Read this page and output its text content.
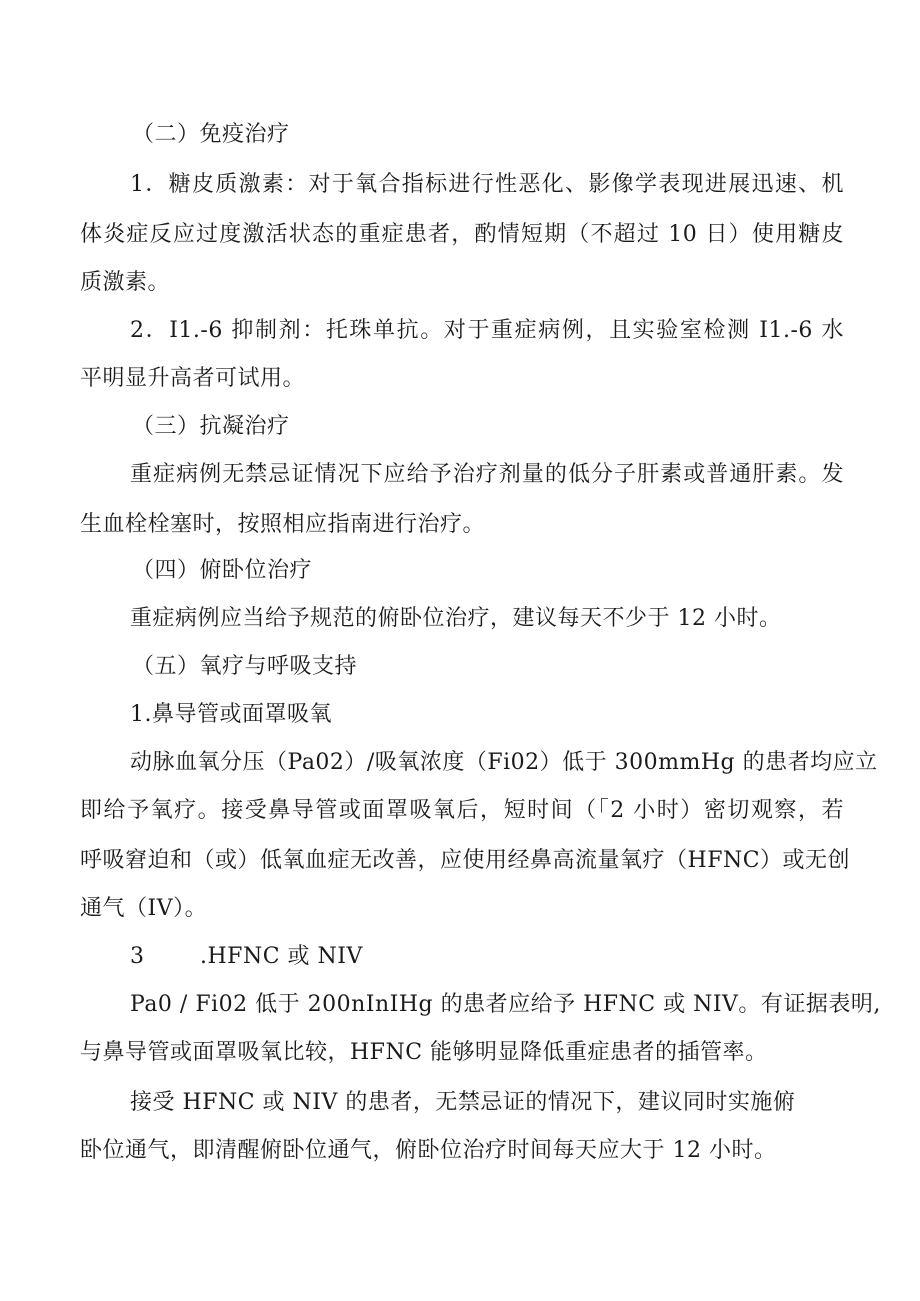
（二）免疫治疗
1．糖皮质激素：对于氧合指标进行性恶化、影像学表现进展迅速、机
体炎症反应过度激活状态的重症患者，酌情短期（不超过 10 日）使用糖皮
质激素。
2．I1.-6 抑制剂：托珠单抗。对于重症病例，且实验室检测 I1.-6 水
平明显升高者可试用。
（三）抗凝治疗
重症病例无禁忌证情况下应给予治疗剂量的低分子肝素或普通肝素。发
生血栓栓塞时，按照相应指南进行治疗。
（四）俯卧位治疗
重症病例应当给予规范的俯卧位治疗，建议每天不少于 12 小时。
（五）氧疗与呼吸支持
1.鼻导管或面罩吸氧
动脉血氧分压（Pa02）/吸氧浓度（Fi02）低于 300mmHg 的患者均应立
即给予氧疗。接受鼻导管或面罩吸氧后，短时间（「2 小时）密切观察，若
呼吸窘迫和（或）低氧血症无改善，应使用经鼻高流量氧疗（HFNC）或无创
通气（IV）。
3	.HFNC 或 NIV
Pa0 / Fi02 低于 200nInIHg 的患者应给予 HFNC 或 NIV。有证据表明,
与鼻导管或面罩吸氧比较，HFNC 能够明显降低重症患者的插管率。
接受 HFNC 或 NIV 的患者，无禁忌证的情况下，建议同时实施俯
卧位通气，即清醒俯卧位通气，俯卧位治疗时间每天应大于 12 小时。
